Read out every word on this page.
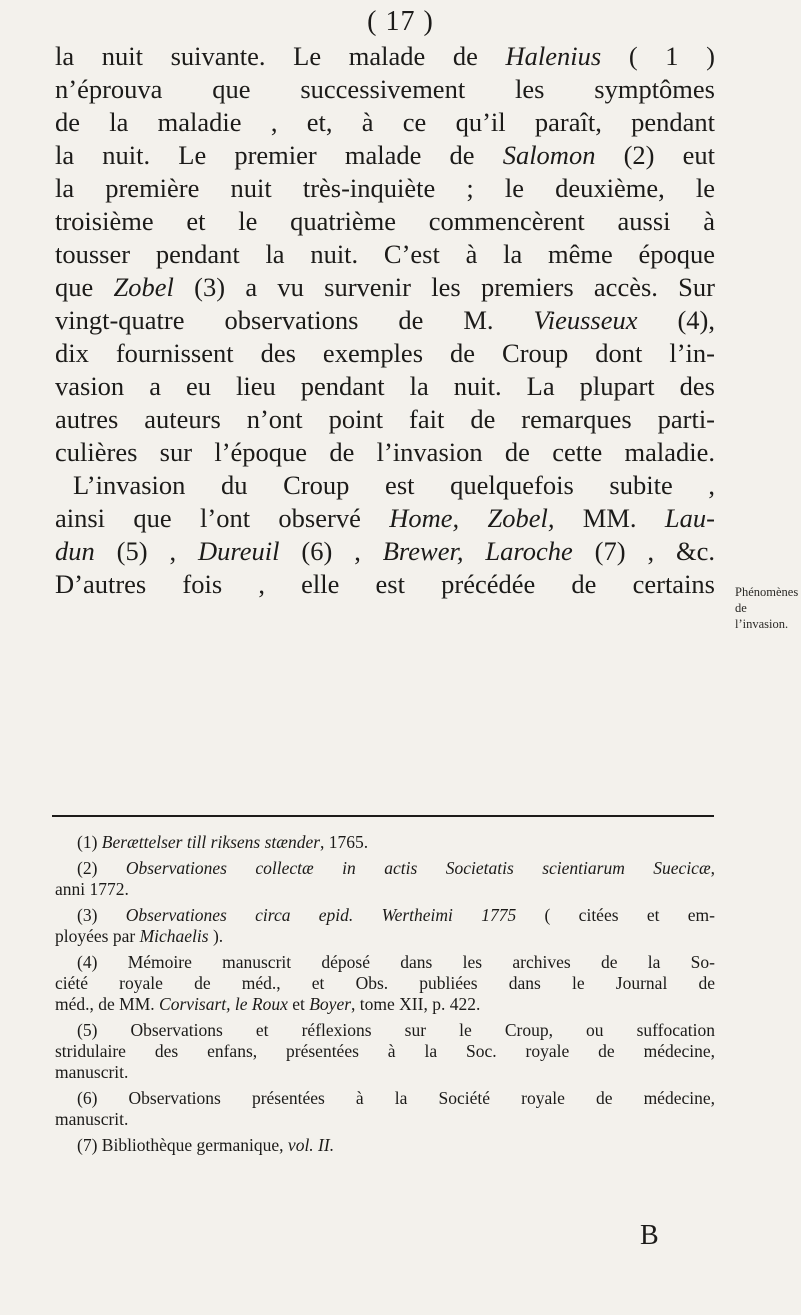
( 17 )
la nuit suivante. Le malade de Halenius ( 1 )
n’éprouva que successivement les symptômes
de la maladie , et, à ce qu’il paraît, pendant
la nuit. Le premier malade de Salomon (2) eut
la première nuit très-inquiète ; le deuxième, le
troisième et le quatrième commencèrent aussi à
tousser pendant la nuit. C’est à la même époque
que Zobel (3) a vu survenir les premiers accès. Sur
vingt-quatre observations de M. Vieusseux (4),
dix fournissent des exemples de Croup dont l’in-
vasion a eu lieu pendant la nuit. La plupart des
autres auteurs n’ont point fait de remarques parti-
culières sur l’époque de l’invasion de cette maladie.
L’invasion du Croup est quelquefois subite ,
ainsi que l’ont observé Home, Zobel, MM. Lau-
dun (5) , Dureuil (6) , Brewer, Laroche (7) , &c.
D’autres fois , elle est précédée de certains Phénomènes
de l’invasion.
(1) Berættelser till riksens stænder, 1765.
(2) Observationes collectæ in actis Societatis scientiarum Suecicæ,
anni 1772.
(3) Observationes circa epid. Wertheimi 1775 ( citées et em-
ployées par Michaelis ).
(4) Mémoire manuscrit déposé dans les archives de la So-
ciété royale de méd., et Obs. publiées dans le Journal de
méd., de MM. Corvisart, le Roux et Boyer, tome XII, p. 422.
(5) Observations et réflexions sur le Croup, ou suffocation
stridulaire des enfans, présentées à la Soc. royale de médecine,
manuscrit.
(6) Observations présentées à la Société royale de médecine,
manuscrit.
(7) Bibliothèque germanique, vol. II.
B
